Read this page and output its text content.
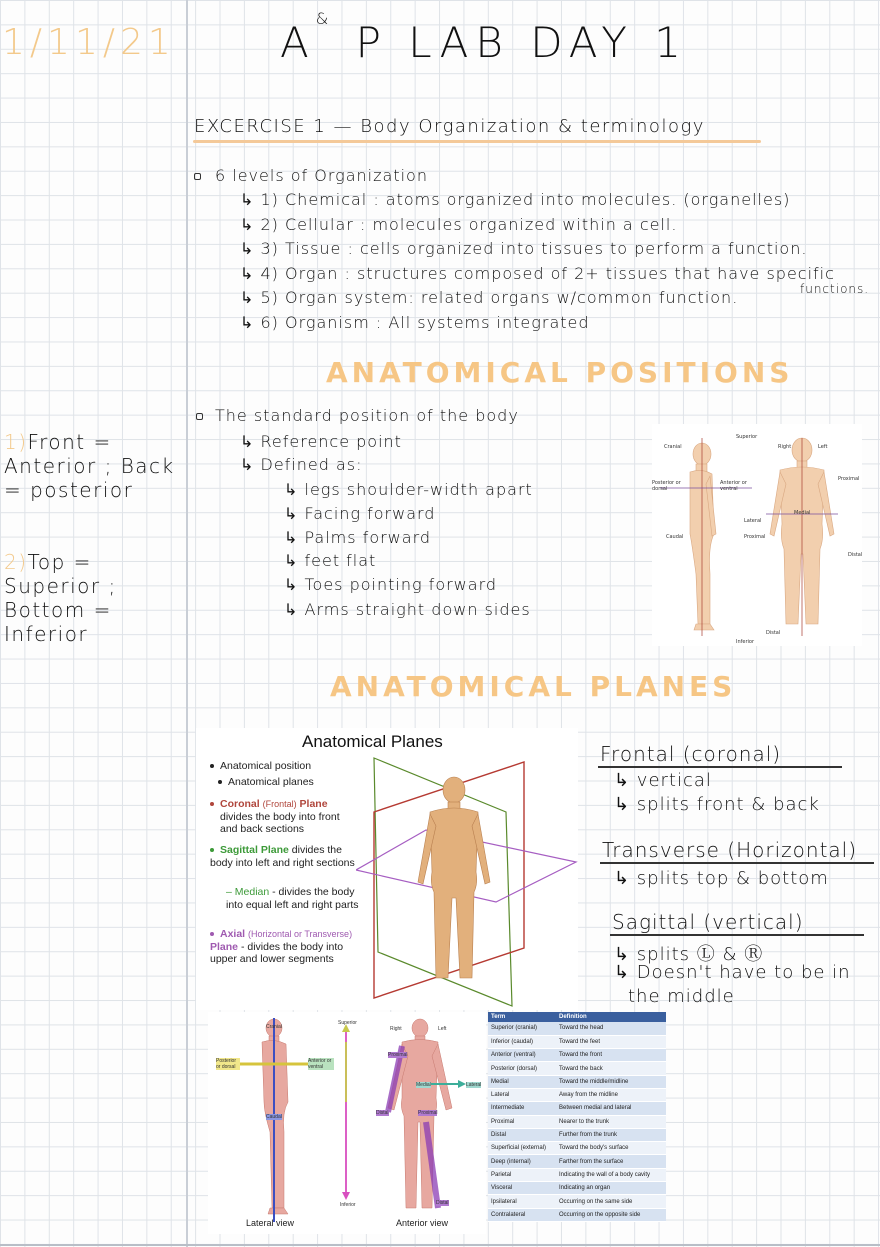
1/11/21 A& P LAB DAY 1
EXCERCISE 1 — Body Organization & terminology
6 levels of Organization
↳ 1) Chemical : atoms organized into molecules. (organelles)
↳ 2) Cellular : molecules organized within a cell.
↳ 3) Tissue : cells organized into tissues to perform a function.
↳ 4) Organ : structures composed of 2+ tissues that have specific
functions.
↳ 5) Organ system: related organs w/common function.
↳ 6) Organism : All systems integrated
ANATOMICAL POSITIONS
The standard position of the body
↳ Reference point
↳ Defined as:
↳ legs shoulder-width apart
↳ Facing forward
↳ Palms forward
↳ feet flat
↳ Toes pointing forward
↳ Arms straight down sides
1)Front = Anterior ; Back = posterior
2)Top = Superior ; Bottom = Inferior
Superior
Right	Left
Cranial
Posterior or dorsal
Anterior or ventral
Proximal
Medial
Lateral
Proximal
Caudal
Distal
Distal
Inferior
ANATOMICAL PLANES
Anatomical Planes
Anatomical position
Anatomical planes
Coronal (Frontal) Plane
divides the body into front and back sections
Sagittal Plane divides the body into left and right sections
– Median - divides the body into equal left and right parts
Axial (Horizontal or Transverse) Plane - divides the body into upper and lower segments
Frontal (coronal)
↳ vertical
↳ splits front & back
Transverse (Horizontal)
↳ splits top & bottom
Sagittal (vertical)
↳ splits Ⓛ & Ⓡ
↳ Doesn't have to be in
the middle
Cranial
Superior
Posterior or dorsal
Anterior or ventral
Caudal
Inferior
Right	Left
Proximal
Medial	Lateral
Distal	Proximal
Distal
Lateral view	Anterior view
Term	Definition
Superior (cranial)	Toward the head
Inferior (caudal)	Toward the feet
Anterior (ventral)	Toward the front
Posterior (dorsal)	Toward the back
Medial	Toward the middle/midline
Lateral	Away from the midline
Intermediate	Between medial and lateral
Proximal	Nearer to the trunk
Distal	Further from the trunk
Superficial (external)	Toward the body's surface
Deep (internal)	Farther from the surface
Parietal	Indicating the wall of a body cavity
Visceral	Indicating an organ
Ipsilateral	Occurring on the same side
Contralateral	Occurring on the opposite side
